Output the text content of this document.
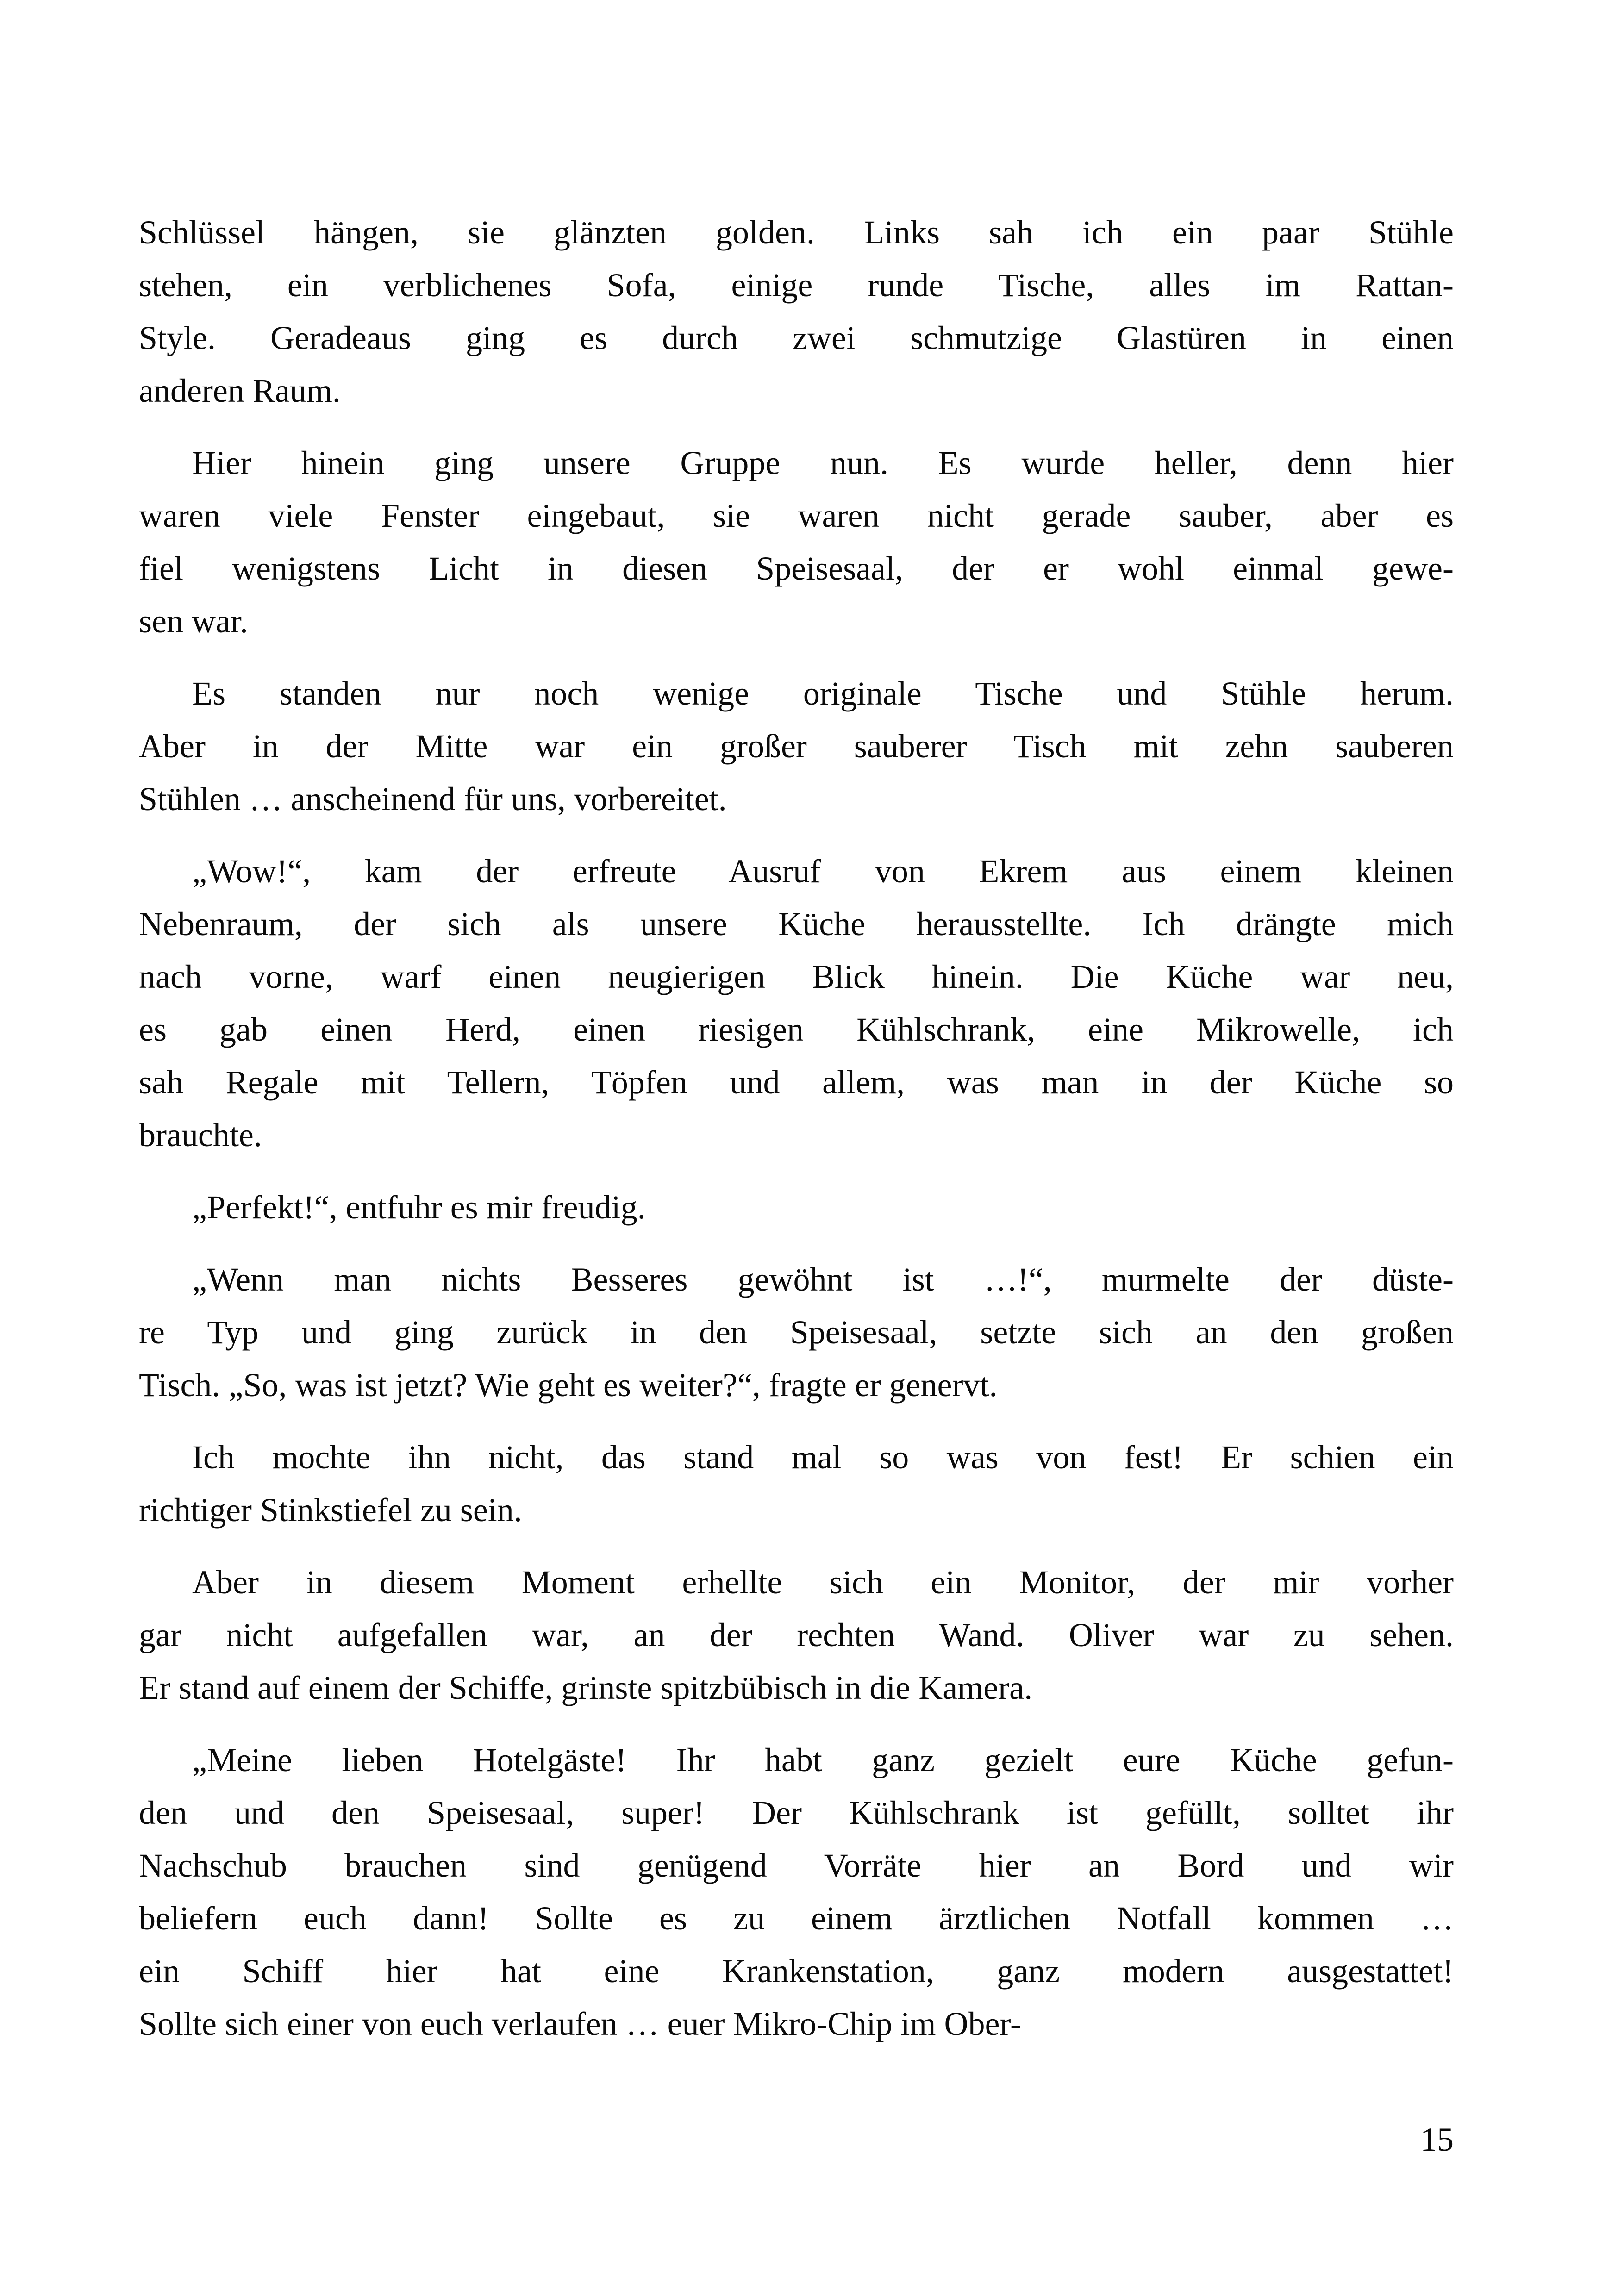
Schlüssel hängen, sie glänzten golden. Links sah ich ein paar Stühle
stehen, ein verblichenes Sofa, einige runde Tische, alles im Rattan-
Style. Geradeaus ging es durch zwei schmutzige Glastüren in einen
anderen Raum.

Hier hinein ging unsere Gruppe nun. Es wurde heller, denn hier
waren viele Fenster eingebaut, sie waren nicht gerade sauber, aber es
fiel wenigstens Licht in diesen Speisesaal, der er wohl einmal gewe-
sen war.

Es standen nur noch wenige originale Tische und Stühle herum.
Aber in der Mitte war ein großer sauberer Tisch mit zehn sauberen
Stühlen … anscheinend für uns, vorbereitet.

„Wow!“, kam der erfreute Ausruf von Ekrem aus einem kleinen
Nebenraum, der sich als unsere Küche herausstellte. Ich drängte mich
nach vorne, warf einen neugierigen Blick hinein. Die Küche war neu,
es gab einen Herd, einen riesigen Kühlschrank, eine Mikrowelle, ich
sah Regale mit Tellern, Töpfen und allem, was man in der Küche so
brauchte.

„Perfekt!“, entfuhr es mir freudig.

„Wenn man nichts Besseres gewöhnt ist …!“, murmelte der düste-
re Typ und ging zurück in den Speisesaal, setzte sich an den großen
Tisch. „So, was ist jetzt? Wie geht es weiter?“, fragte er genervt.

Ich mochte ihn nicht, das stand mal so was von fest! Er schien ein
richtiger Stinkstiefel zu sein.

Aber in diesem Moment erhellte sich ein Monitor, der mir vorher
gar nicht aufgefallen war, an der rechten Wand. Oliver war zu sehen.
Er stand auf einem der Schiffe, grinste spitzbübisch in die Kamera.

„Meine lieben Hotelgäste! Ihr habt ganz gezielt eure Küche gefun-
den und den Speisesaal, super! Der Kühlschrank ist gefüllt, solltet ihr
Nachschub brauchen sind genügend Vorräte hier an Bord und wir
beliefern euch dann! Sollte es zu einem ärztlichen Notfall kommen …
ein Schiff hier hat eine Krankenstation, ganz modern ausgestattet!
Sollte sich einer von euch verlaufen … euer Mikro-Chip im Ober-

15
